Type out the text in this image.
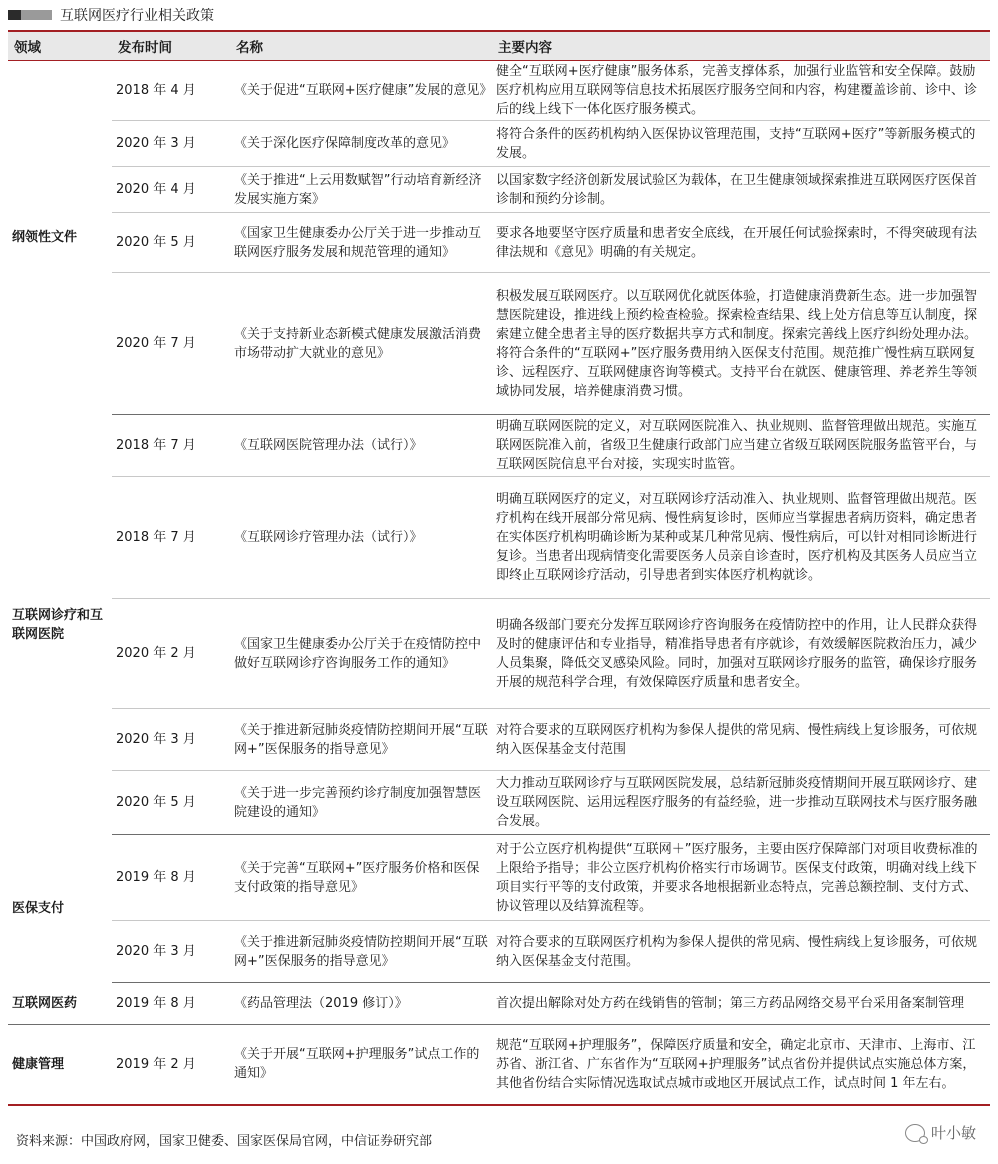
互联网医疗行业相关政策
领域	发布时间	名称	主要内容
纲领性文件	2018 年 4 月	《关于促进“互联网+医疗健康”发展的意见》	健全“互联网+医疗健康”服务体系，完善支撑体系，加强行业监管和安全保障。鼓励医疗机构应用互联网等信息技术拓展医疗服务空间和内容，构建覆盖诊前、诊中、诊后的线上线下一体化医疗服务模式。
	2020 年 3 月	《关于深化医疗保障制度改革的意见》	将符合条件的医药机构纳入医保协议管理范围，支持“互联网+医疗”等新服务模式的发展。
	2020 年 4 月	《关于推进“上云用数赋智”行动培育新经济发展实施方案》	以国家数字经济创新发展试验区为载体，在卫生健康领域探索推进互联网医疗医保首诊制和预约分诊制。
	2020 年 5 月	《国家卫生健康委办公厅关于进一步推动互联网医疗服务发展和规范管理的通知》	要求各地要坚守医疗质量和患者安全底线，在开展任何试验探索时，不得突破现有法律法规和《意见》明确的有关规定。
	2020 年 7 月	《关于支持新业态新模式健康发展激活消费市场带动扩大就业的意见》	积极发展互联网医疗。以互联网优化就医体验，打造健康消费新生态。进一步加强智慧医院建设，推进线上预约检查检验。探索检查结果、线上处方信息等互认制度，探索建立健全患者主导的医疗数据共享方式和制度。探索完善线上医疗纠纷处理办法。将符合条件的“互联网+”医疗服务费用纳入医保支付范围。规范推广慢性病互联网复诊、远程医疗、互联网健康咨询等模式。支持平台在就医、健康管理、养老养生等领域协同发展，培养健康消费习惯。
互联网诊疗和互联网医院	2018 年 7 月	《互联网医院管理办法（试行）》	明确互联网医院的定义，对互联网医院准入、执业规则、监督管理做出规范。实施互联网医院准入前，省级卫生健康行政部门应当建立省级互联网医院服务监管平台，与互联网医院信息平台对接，实现实时监管。
	2018 年 7 月	《互联网诊疗管理办法（试行）》	明确互联网医疗的定义，对互联网诊疗活动准入、执业规则、监督管理做出规范。医疗机构在线开展部分常见病、慢性病复诊时，医师应当掌握患者病历资料，确定患者在实体医疗机构明确诊断为某种或某几种常见病、慢性病后，可以针对相同诊断进行复诊。当患者出现病情变化需要医务人员亲自诊查时，医疗机构及其医务人员应当立即终止互联网诊疗活动，引导患者到实体医疗机构就诊。
	2020 年 2 月	《国家卫生健康委办公厅关于在疫情防控中做好互联网诊疗咨询服务工作的通知》	明确各级部门要充分发挥互联网诊疗咨询服务在疫情防控中的作用，让人民群众获得及时的健康评估和专业指导，精准指导患者有序就诊，有效缓解医院救治压力，减少人员集聚，降低交叉感染风险。同时，加强对互联网诊疗服务的监管，确保诊疗服务开展的规范科学合理，有效保障医疗质量和患者安全。
	2020 年 3 月	《关于推进新冠肺炎疫情防控期间开展“互联网+”医保服务的指导意见》	对符合要求的互联网医疗机构为参保人提供的常见病、慢性病线上复诊服务，可依规纳入医保基金支付范围
	2020 年 5 月	《关于进一步完善预约诊疗制度加强智慧医院建设的通知》	大力推动互联网诊疗与互联网医院发展，总结新冠肺炎疫情期间开展互联网诊疗、建设互联网医院、运用远程医疗服务的有益经验，进一步推动互联网技术与医疗服务融合发展。
医保支付	2019 年 8 月	《关于完善“互联网+”医疗服务价格和医保支付政策的指导意见》	对于公立医疗机构提供“互联网＋”医疗服务，主要由医疗保障部门对项目收费标准的上限给予指导；非公立医疗机构价格实行市场调节。医保支付政策，明确对线上线下项目实行平等的支付政策，并要求各地根据新业态特点，完善总额控制、支付方式、协议管理以及结算流程等。
	2020 年 3 月	《关于推进新冠肺炎疫情防控期间开展“互联网+”医保服务的指导意见》	对符合要求的互联网医疗机构为参保人提供的常见病、慢性病线上复诊服务，可依规纳入医保基金支付范围。
互联网医药	2019 年 8 月	《药品管理法（2019 修订）》	首次提出解除对处方药在线销售的管制；第三方药品网络交易平台采用备案制管理
健康管理	2019 年 2 月	《关于开展“互联网+护理服务”试点工作的通知》	规范“互联网+护理服务”，保障医疗质量和安全，确定北京市、天津市、上海市、江苏省、浙江省、广东省作为“互联网+护理服务”试点省份并提供试点实施总体方案，其他省份结合实际情况选取试点城市或地区开展试点工作，试点时间 1 年左右。
资料来源：中国政府网，国家卫健委、国家医保局官网，中信证券研究部	叶小敏
